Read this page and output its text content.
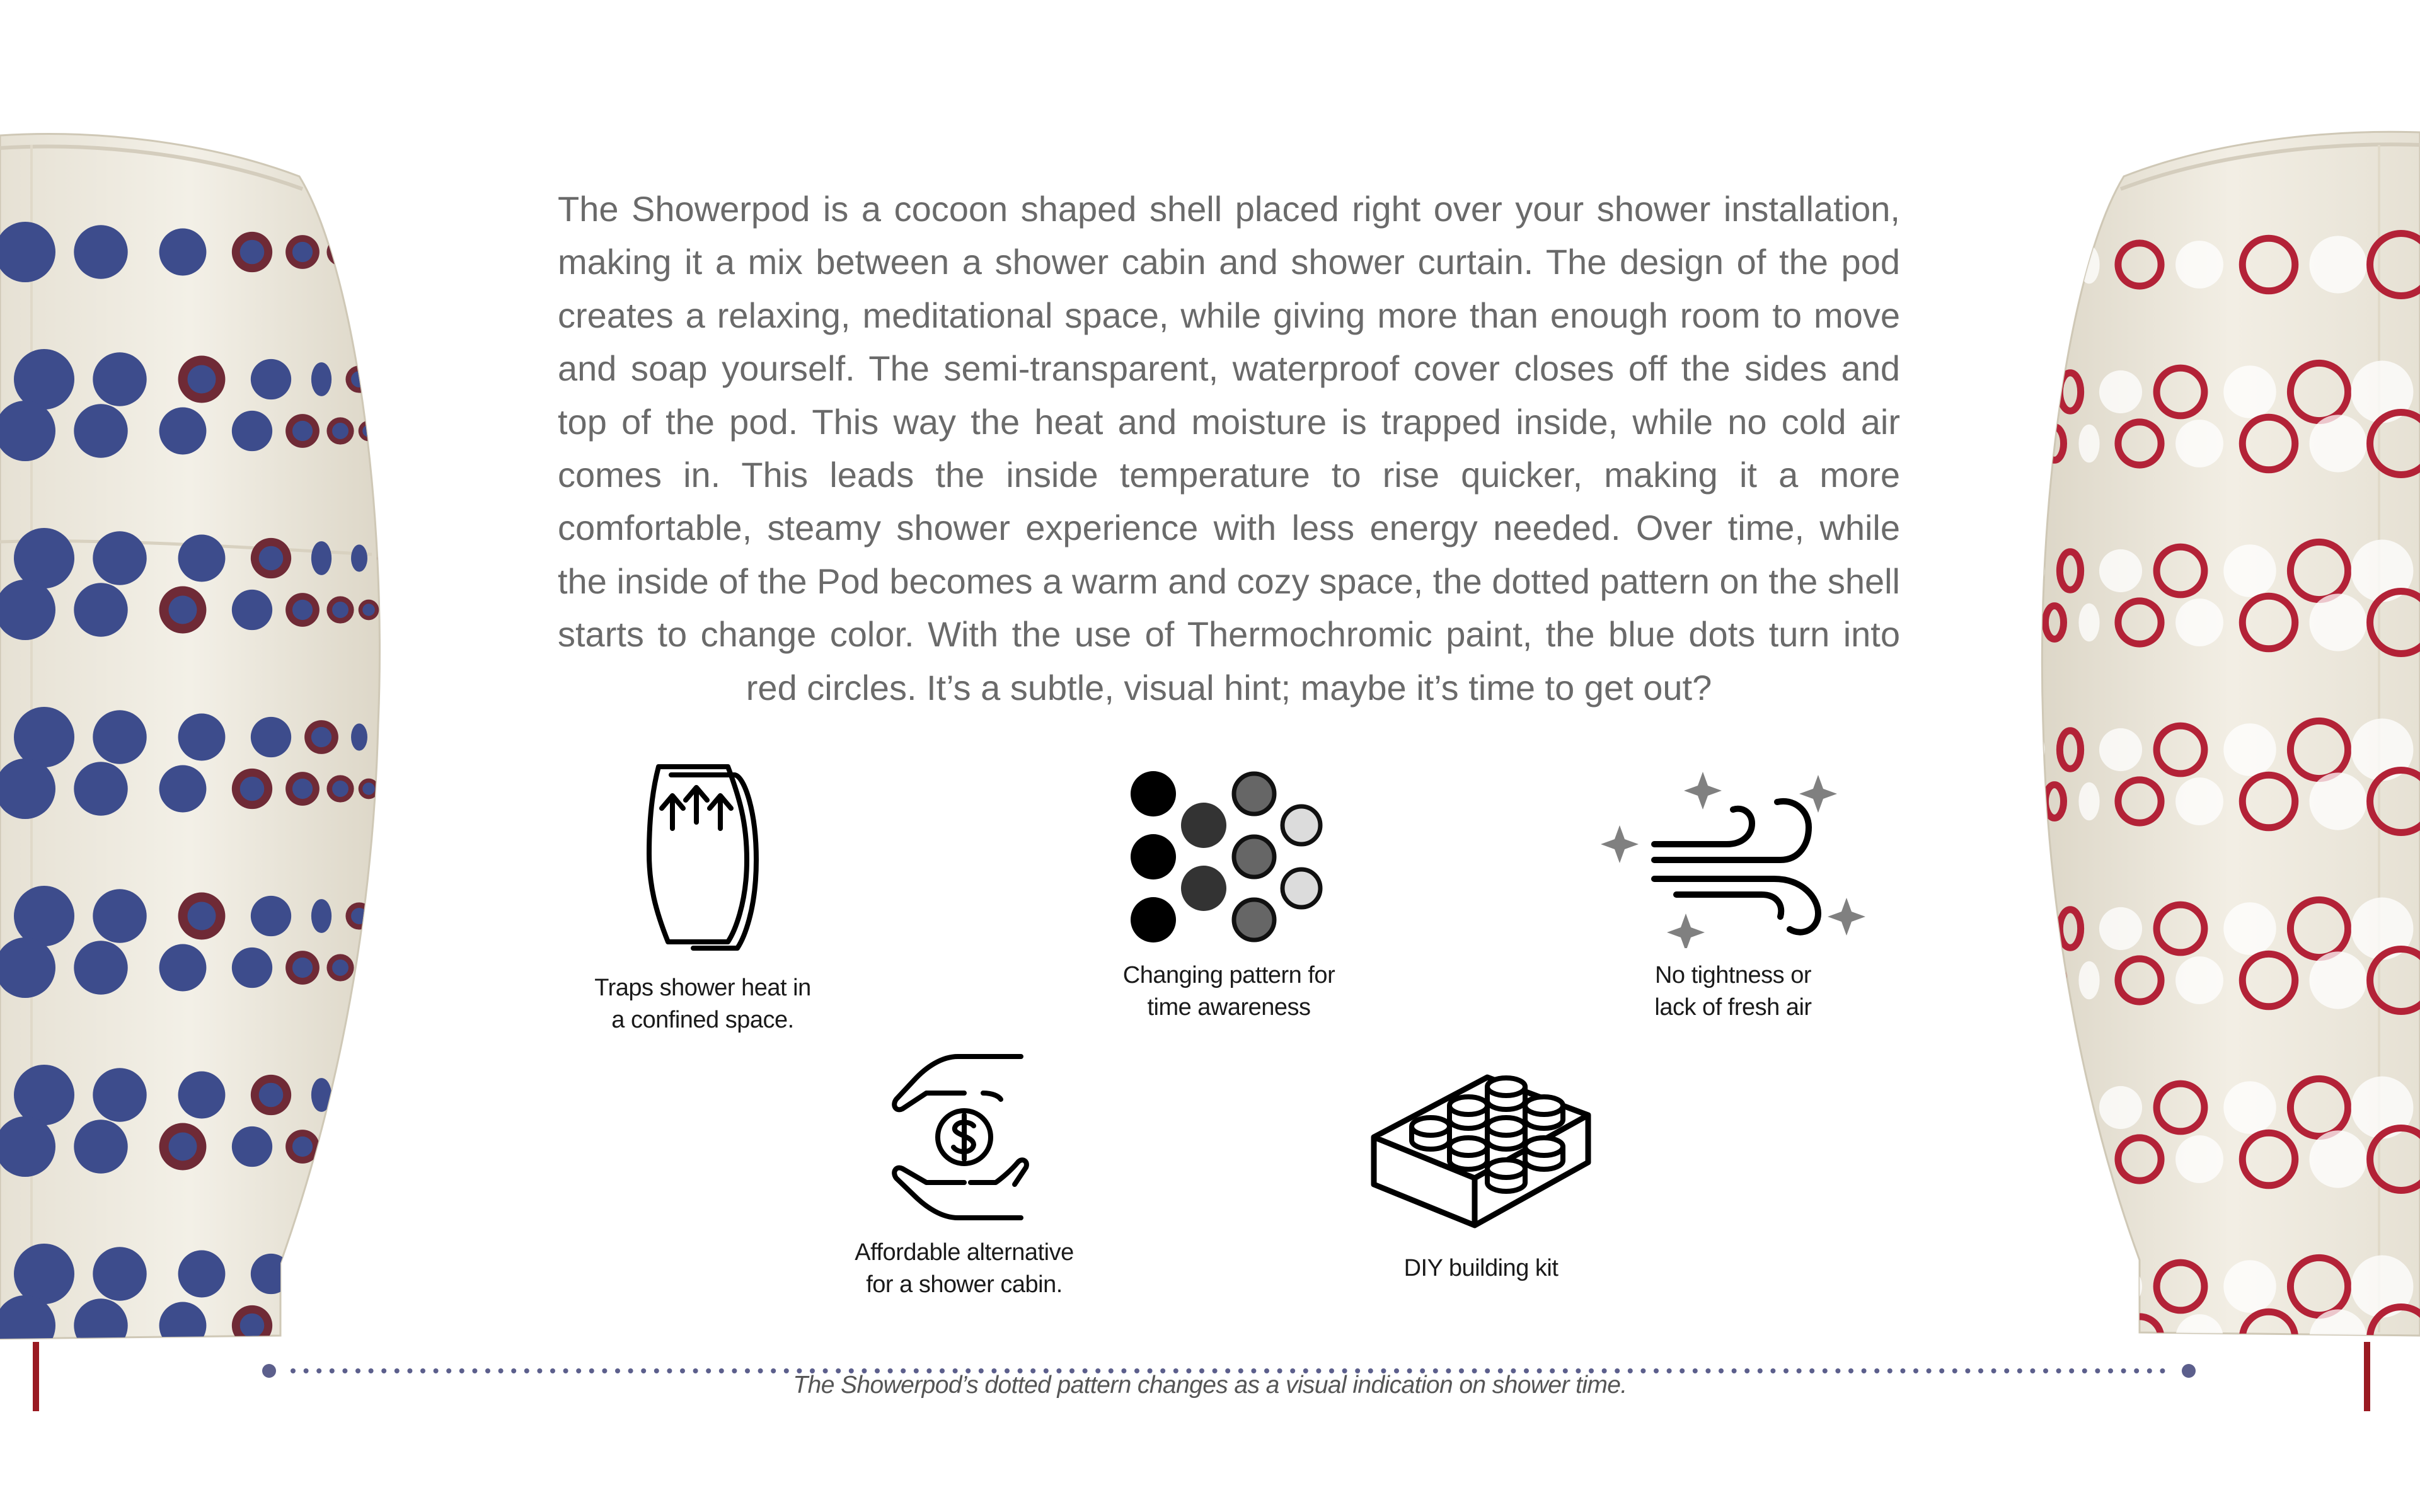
The Showerpod is a cocoon shaped shell placed right over your shower installation, making it a mix between a shower cabin and shower curtain. The design of the pod creates a relaxing, meditational space, while giving more than enough room to move and soap yourself. The semi-transparent, waterproof cover closes off the sides and top of the pod. This way the heat and moisture is trapped inside, while no cold air comes in. This leads the inside temperature to rise quicker, making it a more comfortable, steamy shower experience with less energy needed. Over time, while the inside of the Pod becomes a warm and cozy space, the dotted pattern on the shell starts to change color. With the use of Thermochromic paint, the blue dots turn into red circles. It’s a subtle, visual hint; maybe it’s time to get out?

Traps shower heat in
a confined space.
Changing pattern for
time awareness
No tightness or
lack of fresh air
Affordable alternative
for a shower cabin.
DIY building kit
The Showerpod’s dotted pattern changes as a visual indication on shower time.
